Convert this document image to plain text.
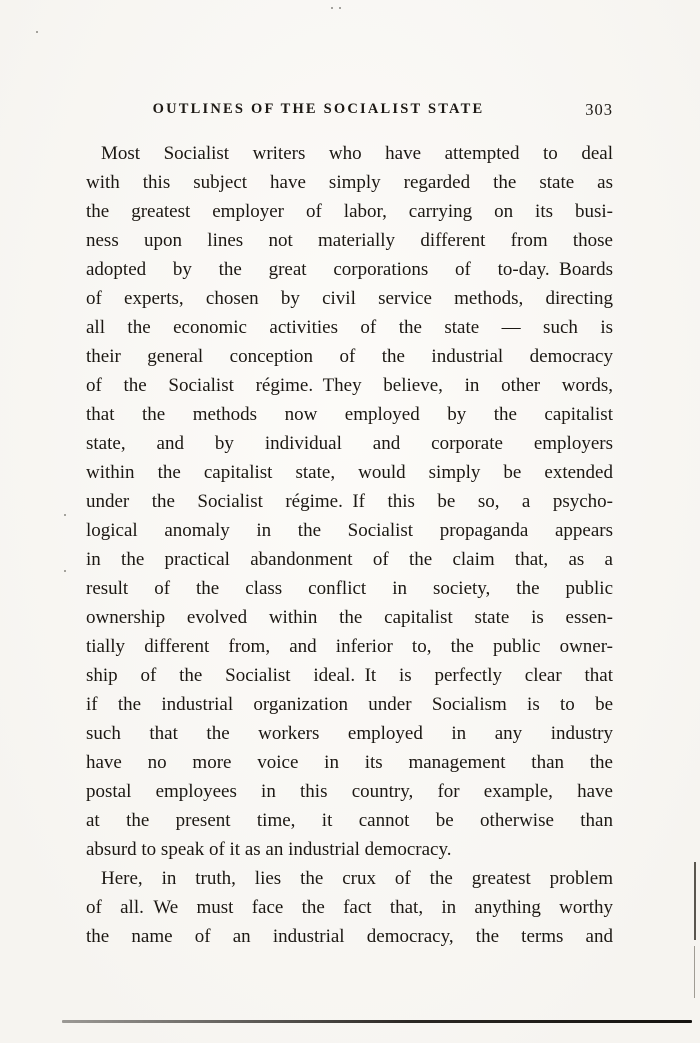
OUTLINES OF THE SOCIALIST STATE	303
Most Socialist writers who have attempted to deal
with this subject have simply regarded the state as
the greatest employer of labor, carrying on its busi-
ness upon lines not materially different from those
adopted by the great corporations of to-day. Boards
of experts, chosen by civil service methods, directing
all the economic activities of the state — such is
their general conception of the industrial democracy
of the Socialist régime. They believe, in other words,
that the methods now employed by the capitalist
state, and by individual and corporate employers
within the capitalist state, would simply be extended
under the Socialist régime. If this be so, a psycho-
logical anomaly in the Socialist propaganda appears
in the practical abandonment of the claim that, as a
result of the class conflict in society, the public
ownership evolved within the capitalist state is essen-
tially different from, and inferior to, the public owner-
ship of the Socialist ideal. It is perfectly clear that
if the industrial organization under Socialism is to be
such that the workers employed in any industry
have no more voice in its management than the
postal employees in this country, for example, have
at the present time, it cannot be otherwise than
absurd to speak of it as an industrial democracy.
Here, in truth, lies the crux of the greatest problem
of all. We must face the fact that, in anything worthy
the name of an industrial democracy, the terms and
